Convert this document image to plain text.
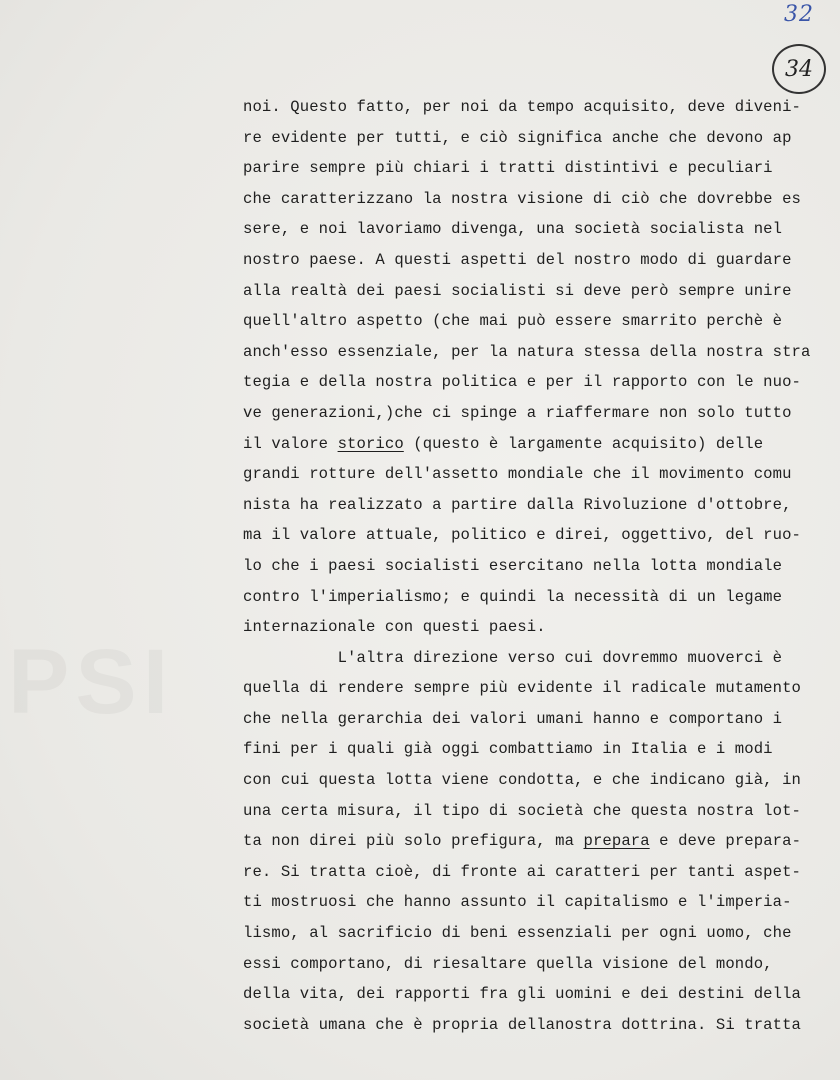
32
34
noi. Questo fatto, per noi da tempo acquisito, deve diveni-
re evidente per tutti, e ciò significa anche che devono ap
parire sempre più chiari i tratti distintivi e peculiari
che caratterizzano la nostra visione di ciò che dovrebbe es
sere, e noi lavoriamo divenga, una società socialista nel
nostro paese. A questi aspetti del nostro modo di guardare
alla realtà dei paesi socialisti si deve però sempre unire
quell'altro aspetto (che mai può essere smarrito perchè è
anch'esso essenziale, per la natura stessa della nostra stra
tegia e della nostra politica e per il rapporto con le nuo-
ve generazioni,)che ci spinge a riaffermare non solo tutto
il valore storico (questo è largamente acquisito) delle
grandi rotture dell'assetto mondiale che il movimento comu
nista ha realizzato a partire dalla Rivoluzione d'ottobre,
ma il valore attuale, politico e direi, oggettivo, del ruo-
lo che i paesi socialisti esercitano nella lotta mondiale
contro l'imperialismo; e quindi la necessità di un legame
internazionale con questi paesi.
L'altra direzione verso cui dovremmo muoverci è
quella di rendere sempre più evidente il radicale mutamento
che nella gerarchia dei valori umani hanno e comportano i
fini per i quali già oggi combattiamo in Italia e i modi
con cui questa lotta viene condotta, e che indicano già, in
una certa misura, il tipo di società che questa nostra lot-
ta non direi più solo prefigura, ma prepara e deve prepara-
re. Si tratta cioè, di fronte ai caratteri per tanti aspet-
ti mostruosi che hanno assunto il capitalismo e l'imperia-
lismo, al sacrificio di beni essenziali per ogni uomo, che
essi comportano, di riesaltare quella visione del mondo,
della vita, dei rapporti fra gli uomini e dei destini della
società umana che è propria dellanostra dottrina. Si tratta
